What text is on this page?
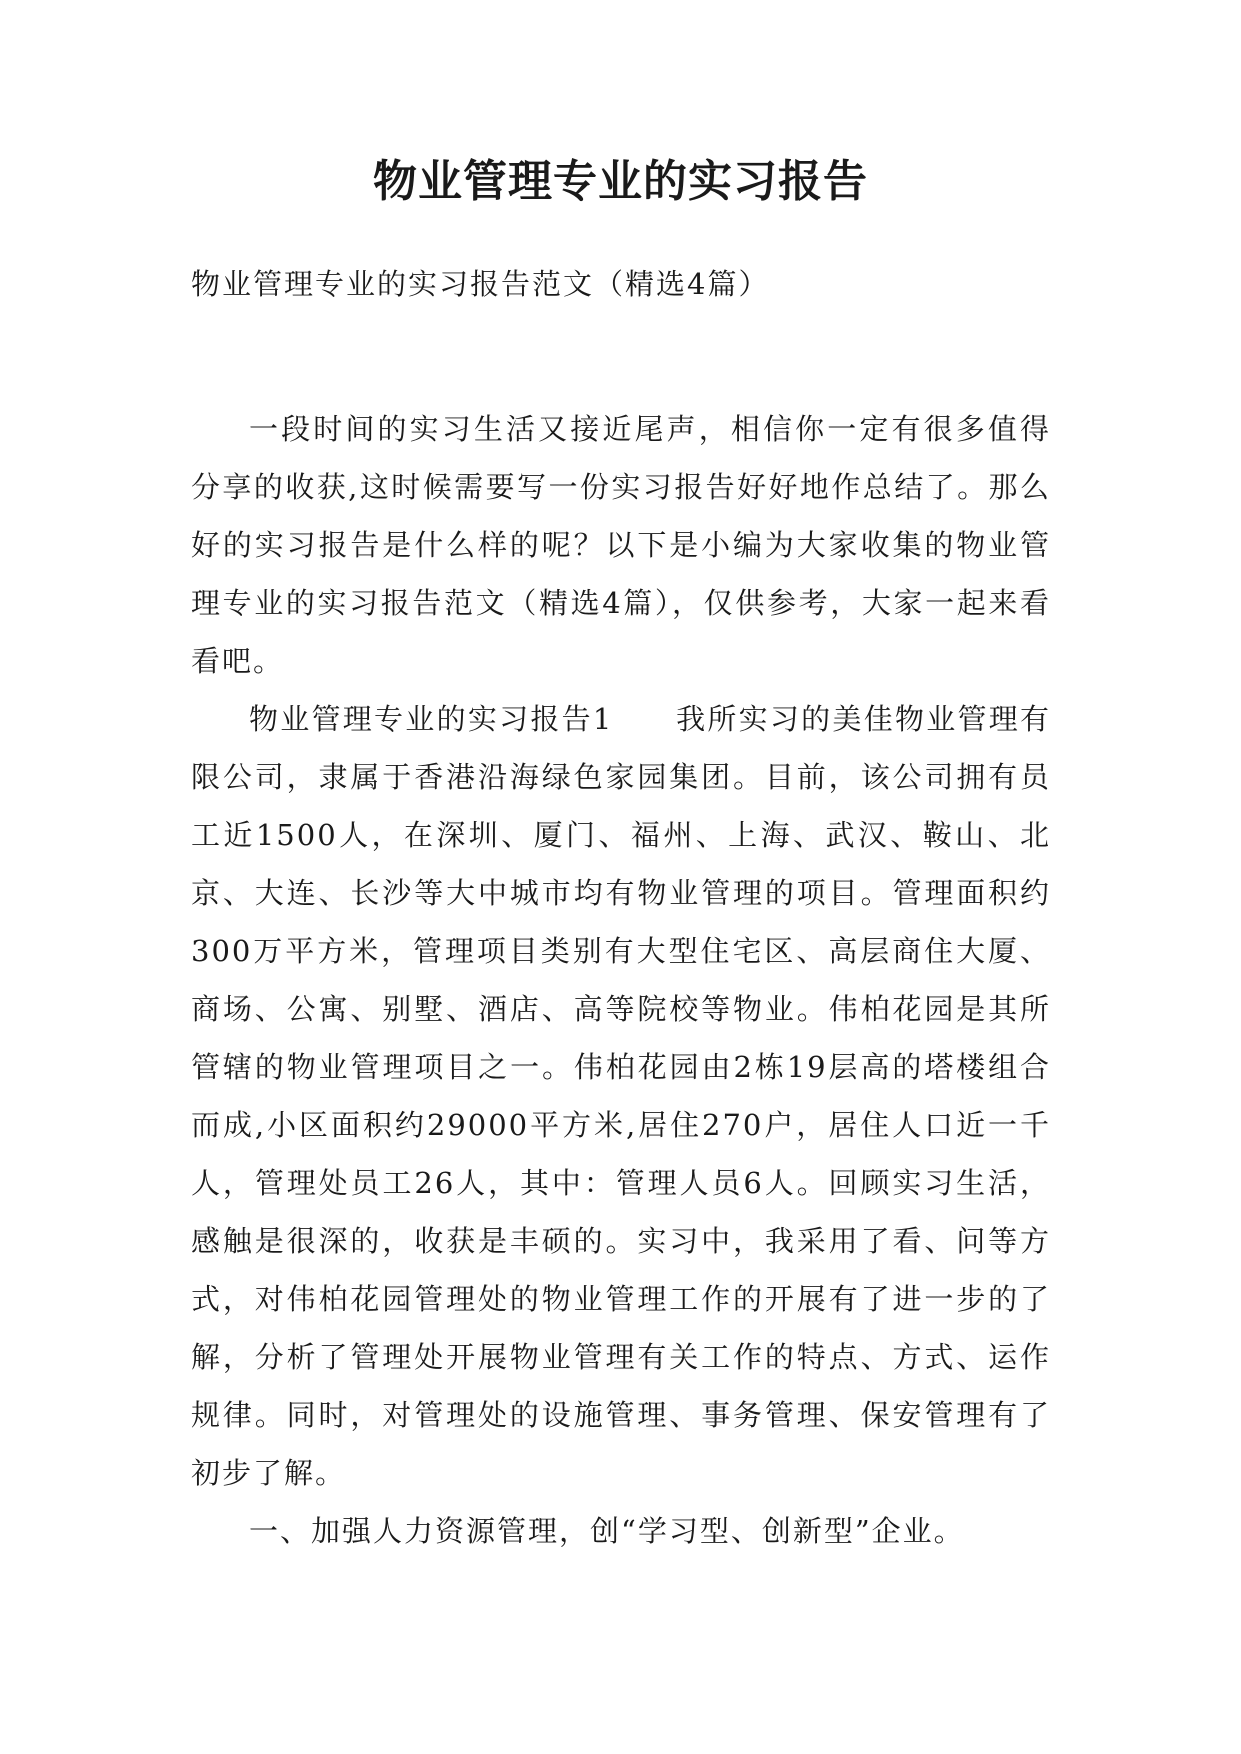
物业管理专业的实习报告

物业管理专业的实习报告范文（精选4篇）

一段时间的实习生活又接近尾声，相信你一定有很多值得分享的收获,这时候需要写一份实习报告好好地作总结了。那么好的实习报告是什么样的呢？以下是小编为大家收集的物业管理专业的实习报告范文（精选4篇），仅供参考，大家一起来看看吧。

物业管理专业的实习报告1　　我所实习的美佳物业管理有限公司，隶属于香港沿海绿色家园集团。目前，该公司拥有员工近1500人，在深圳、厦门、福州、上海、武汉、鞍山、北京、大连、长沙等大中城市均有物业管理的项目。管理面积约300万平方米，管理项目类别有大型住宅区、高层商住大厦、商场、公寓、别墅、酒店、高等院校等物业。伟柏花园是其所管辖的物业管理项目之一。伟柏花园由2栋19层高的塔楼组合而成,小区面积约29000平方米,居住270户，居住人口近一千人，管理处员工26人，其中：管理人员6人。回顾实习生活，感触是很深的，收获是丰硕的。实习中，我采用了看、问等方式，对伟柏花园管理处的物业管理工作的开展有了进一步的了解，分析了管理处开展物业管理有关工作的特点、方式、运作规律。同时，对管理处的设施管理、事务管理、保安管理有了初步了解。

一、加强人力资源管理，创“学习型、创新型”企业。
